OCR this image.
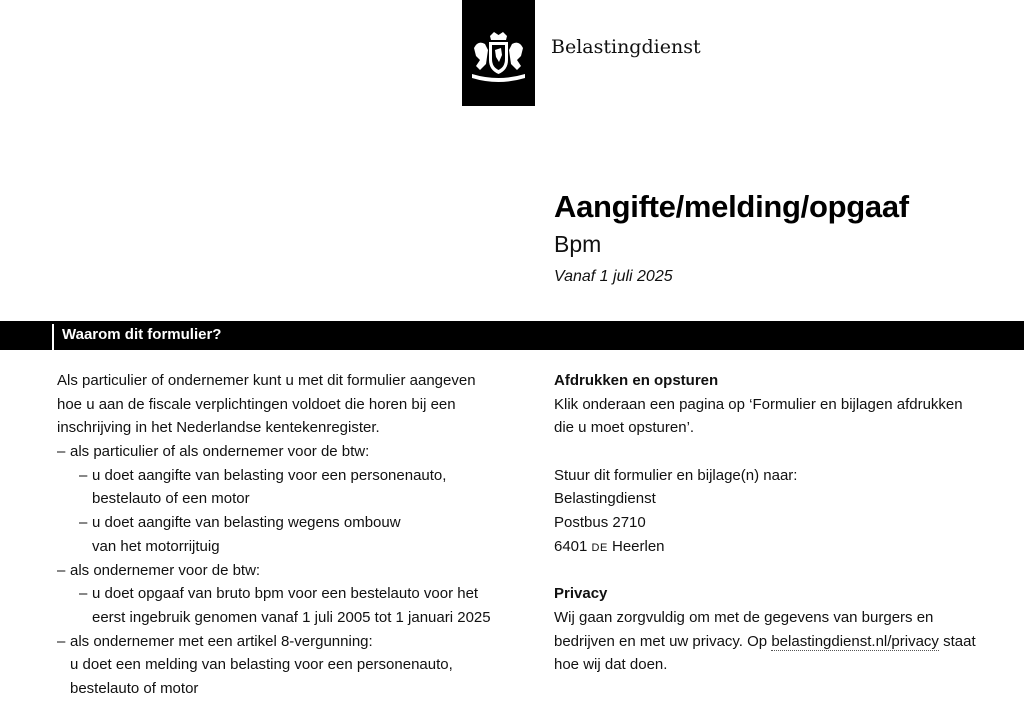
Belastingdienst
Aangifte/melding/opgaaf
Bpm
Vanaf 1 juli 2025
Waarom dit formulier?
Als particulier of ondernemer kunt u met dit formulier aangeven
hoe u aan de fiscale verplichtingen voldoet die horen bij een
inschrijving in het Nederlandse kentekenregister.
– als particulier of als ondernemer voor de btw:
– u doet aangifte van belasting voor een personenauto,
bestelauto of een motor
– u doet aangifte van belasting wegens ombouw
van het motorrijtuig
– als ondernemer voor de btw:
– u doet opgaaf van bruto bpm voor een bestelauto voor het
eerst ingebruik genomen vanaf 1 juli 2005 tot 1 januari 2025
– als ondernemer met een artikel 8-vergunning:
u doet een melding van belasting voor een personenauto,
bestelauto of motor
Afdrukken en opsturen
Klik onderaan een pagina op ‘Formulier en bijlagen afdrukken
die u moet opsturen’.
Stuur dit formulier en bijlage(n) naar:
Belastingdienst
Postbus 2710
6401 DE Heerlen
Privacy
Wij gaan zorgvuldig om met de gegevens van burgers en
bedrijven en met uw privacy. Op belastingdienst.nl/privacy staat
hoe wij dat doen.
